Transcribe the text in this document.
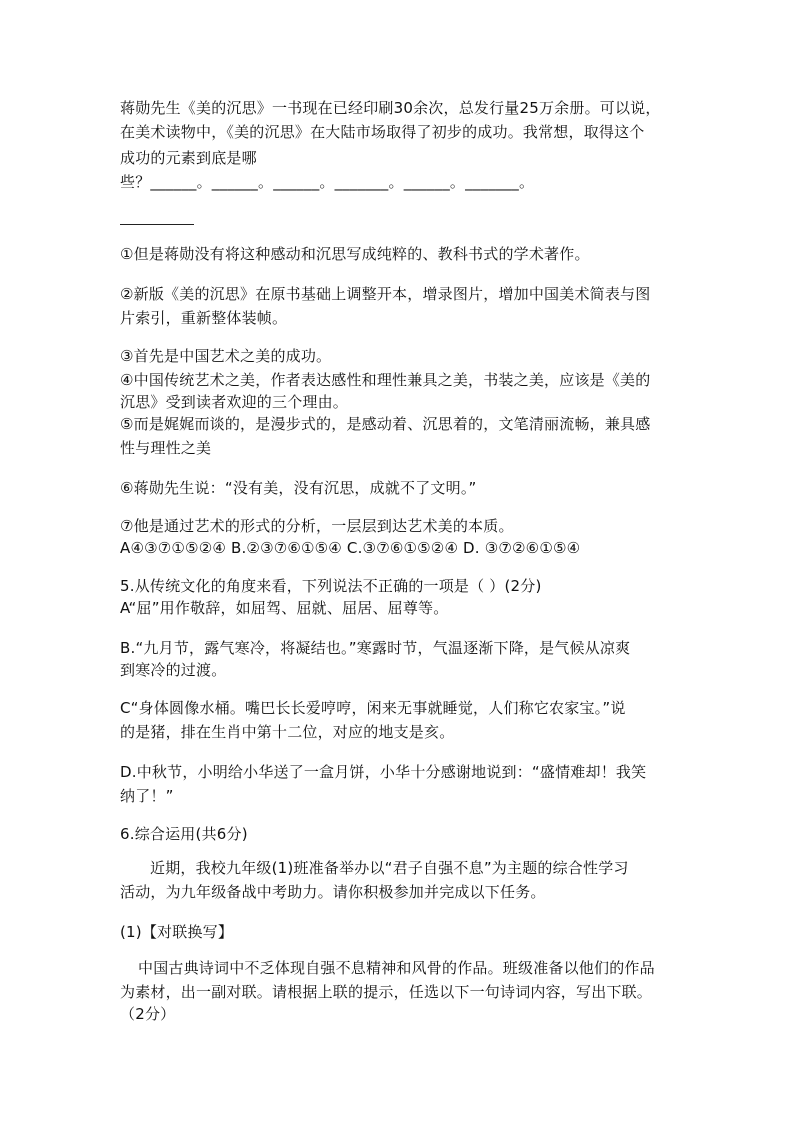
蒋勋先生《美的沉思》一书现在已经印刷30余次，总发行量25万余册。可以说，
在美术读物中，《美的沉思》在大陆市场取得了初步的成功。我常想，取得这个
成功的元素到底是哪
些？______。______。______。_______。______。_______。
①但是蒋勋没有将这种感动和沉思写成纯粹的、教科书式的学术著作。
②新版《美的沉思》在原书基础上调整开本，增录图片，增加中国美术简表与图
片索引，重新整体装帧。
③首先是中国艺术之美的成功。
④中国传统艺术之美，作者表达感性和理性兼具之美，书装之美，应该是《美的
沉思》受到读者欢迎的三个理由。
⑤而是娓娓而谈的，是漫步式的，是感动着、沉思着的，文笔清丽流畅，兼具感
性与理性之美
⑥蒋勋先生说：“没有美，没有沉思，成就不了文明。”
⑦他是通过艺术的形式的分析，一层层到达艺术美的本质。
A④③⑦①⑤②④ B.②③⑦⑥①⑤④ C.③⑦⑥①⑤②④ D. ③⑦②⑥①⑤④
5.从传统文化的角度来看，下列说法不正确的一项是（ ）(2分)
A“屈”用作敬辞，如屈驾、屈就、屈居、屈尊等。
B.“九月节，露气寒冷，将凝结也。”寒露时节，气温逐渐下降，是气候从凉爽
到寒冷的过渡。
C“身体圆像水桶。嘴巴长长爱哼哼，闲来无事就睡觉，人们称它农家宝。”说
的是猪，排在生肖中第十二位，对应的地支是亥。
D.中秋节，小明给小华送了一盒月饼，小华十分感谢地说到：“盛情难却！我笑
纳了！”
6.综合运用(共6分)
近期，我校九年级(1)班准备举办以“君子自强不息”为主题的综合性学习
活动，为九年级备战中考助力。请你积极参加并完成以下任务。
(1)【对联换写】
中国古典诗词中不乏体现自强不息精神和风骨的作品。班级准备以他们的作品
为素材，出一副对联。请根据上联的提示，任选以下一句诗词内容，写出下联。
（2分）
